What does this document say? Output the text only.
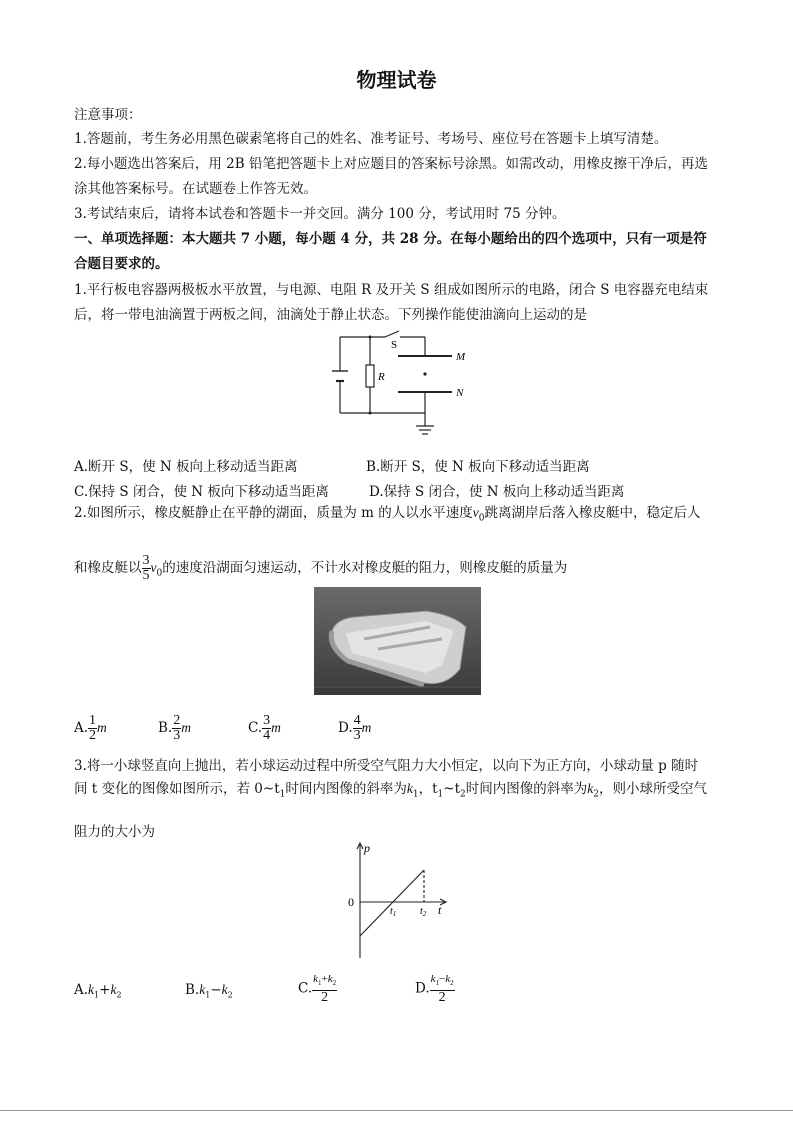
物理试卷
注意事项：
1.答题前，考生务必用黑色碳素笔将自己的姓名、准考证号、考场号、座位号在答题卡上填写清楚。
2.每小题选出答案后，用 2B 铅笔把答题卡上对应题目的答案标号涂黑。如需改动，用橡皮擦干净后，再选
涂其他答案标号。在试题卷上作答无效。
3.考试结束后，请将本试卷和答题卡一并交回。满分 100 分，考试用时 75 分钟。
一、单项选择题：本大题共 7 小题，每小题 4 分，共 28 分。在每小题给出的四个选项中，只有一项是符
合题目要求的。
1.平行板电容器两极板水平放置，与电源、电阻 R 及开关 S 组成如图所示的电路，闭合 S 电容器充电结束
后，将一带电油滴置于两板之间，油滴处于静止状态。下列操作能使油滴向上运动的是
S
R
M
N
A.断开 S，使 N 板向上移动适当距离	B.断开 S，使 N 板向下移动适当距离
C.保持 S 闭合，使 N 板向下移动适当距离	D.保持 S 闭合，使 N 板向上移动适当距离
2.如图所示，橡皮艇静止在平静的湖面，质量为 m 的人以水平速度$v_0$跳离湖岸后落入橡皮艇中，稳定后人
和橡皮艇以 $\frac{3}{5} v_0$的速度沿湖面匀速运动，不计水对橡皮艇的阻力，则橡皮艇的质量为
A. $\frac{1}{2}$ m	B. $\frac{2}{3}$ m	C. $\frac{3}{4}$ m	D. $\frac{4}{3}$ m
3.将一小球竖直向上抛出，若小球运动过程中所受空气阻力大小恒定，以向下为正方向，小球动量 p 随时
间 t 变化的图像如图所示，若 $0\sim t_1$时间内图像的斜率为$k_1$，$t_1\sim t_2$时间内图像的斜率为$k_2$，则小球所受空气
阻力的大小为
p
t
0
$t_1$ $t_2$
$A.k_1+k_2$	$B.k_1-k_2$	C. $\frac{k_1+k_2}{2}$	D. $\frac{k_1-k_2}{2}$
